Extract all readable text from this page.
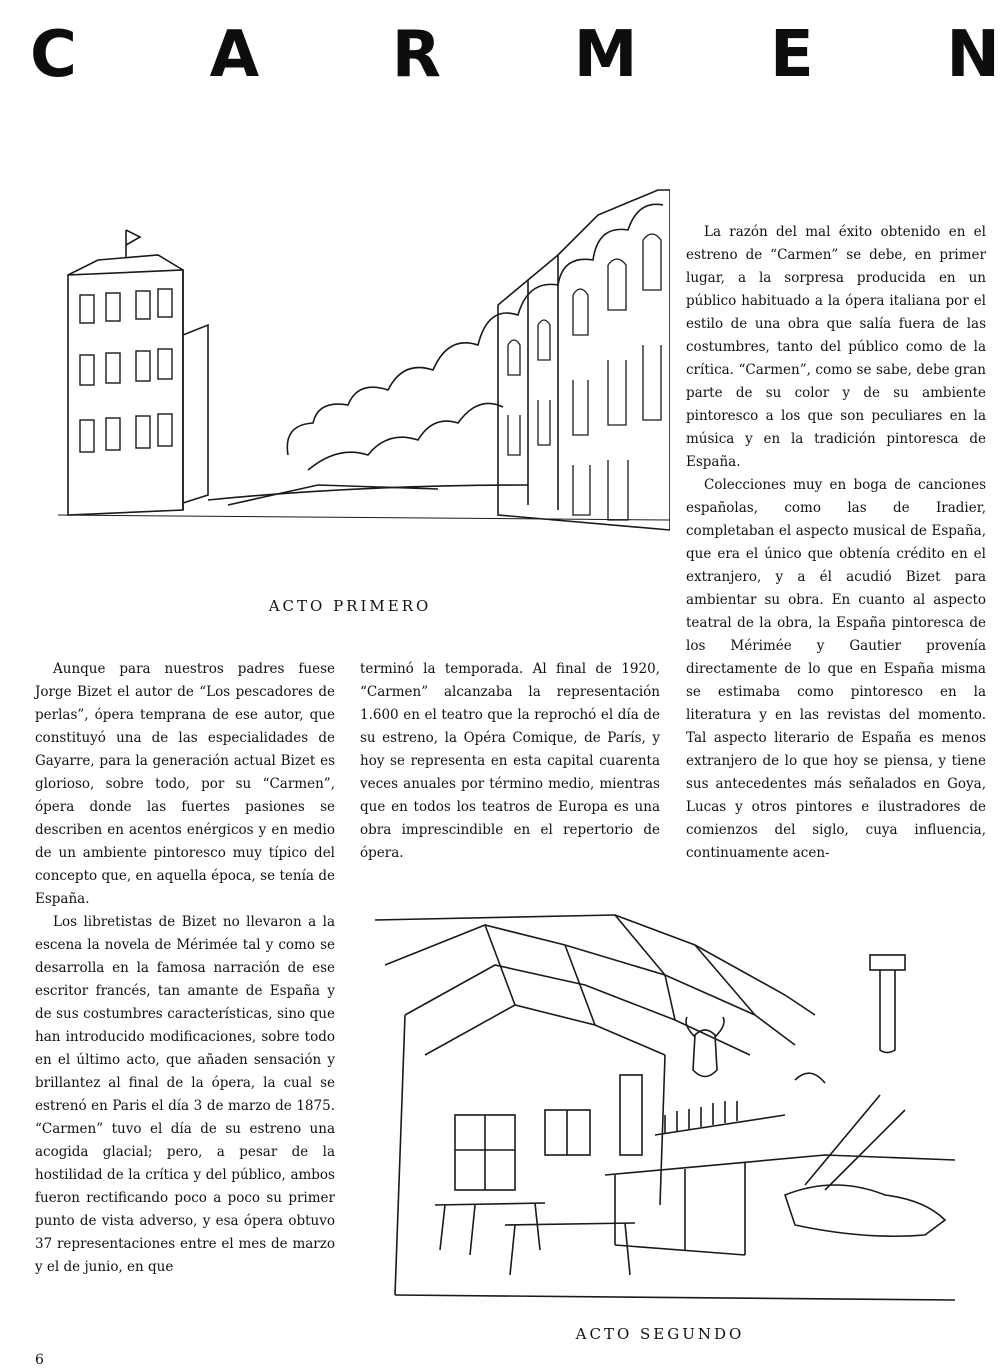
C A R M E N
ACTO PRIMERO

Aunque para nuestros padres fuese Jorge Bizet el autor de “Los pescadores de perlas”, ópera temprana de ese autor, que constituyó una de las especialidades de Gayarre, para la generación actual Bizet es glorioso, sobre todo, por su “Carmen”, ópera donde las fuertes pasiones se describen en acentos enérgicos y en medio de un ambiente pintoresco muy típico del concepto que, en aquella época, se tenía de España.

Los libretistas de Bizet no llevaron a la escena la novela de Mérimée tal y como se desarrolla en la famosa narración de ese escritor francés, tan amante de España y de sus costumbres características, sino que han introducido modificaciones, sobre todo en el último acto, que añaden sensación y brillantez al final de la ópera, la cual se estrenó en Paris el día 3 de marzo de 1875. “Carmen” tuvo el día de su estreno una acogida glacial; pero, a pesar de la hostilidad de la crítica y del público, ambos fueron rectificando poco a poco su primer punto de vista adverso, y esa ópera obtuvo 37 representaciones entre el mes de marzo y el de junio, en que

terminó la temporada. Al final de 1920, “Carmen” alcanzaba la representación 1.600 en el teatro que la reprochó el día de su estreno, la Opéra Comique, de París, y hoy se representa en esta capital cuarenta veces anuales por término medio, mientras que en todos los teatros de Europa es una obra imprescindible en el repertorio de ópera.

La razón del mal éxito obtenido en el estreno de “Carmen” se debe, en primer lugar, a la sorpresa producida en un público habituado a la ópera italiana por el estilo de una obra que salía fuera de las costumbres, tanto del público como de la crítica. “Carmen”, como se sabe, debe gran parte de su color y de su ambiente pintoresco a los que son peculiares en la música y en la tradición pintoresca de España.

Colecciones muy en boga de canciones españolas, como las de Iradier, completaban el aspecto musical de España, que era el único que obtenía crédito en el extranjero, y a él acudió Bizet para ambientar su obra. En cuanto al aspecto teatral de la obra, la España pintoresca de los Mérimée y Gautier provenía directamente de lo que en España misma se estimaba como pintoresco en la literatura y en las revistas del momento. Tal aspecto literario de España es menos extranjero de lo que hoy se piensa, y tiene sus antecedentes más señalados en Goya, Lucas y otros pintores e ilustradores de comienzos del siglo, cuya influencia, continuamente acen-

ACTO SEGUNDO
6
